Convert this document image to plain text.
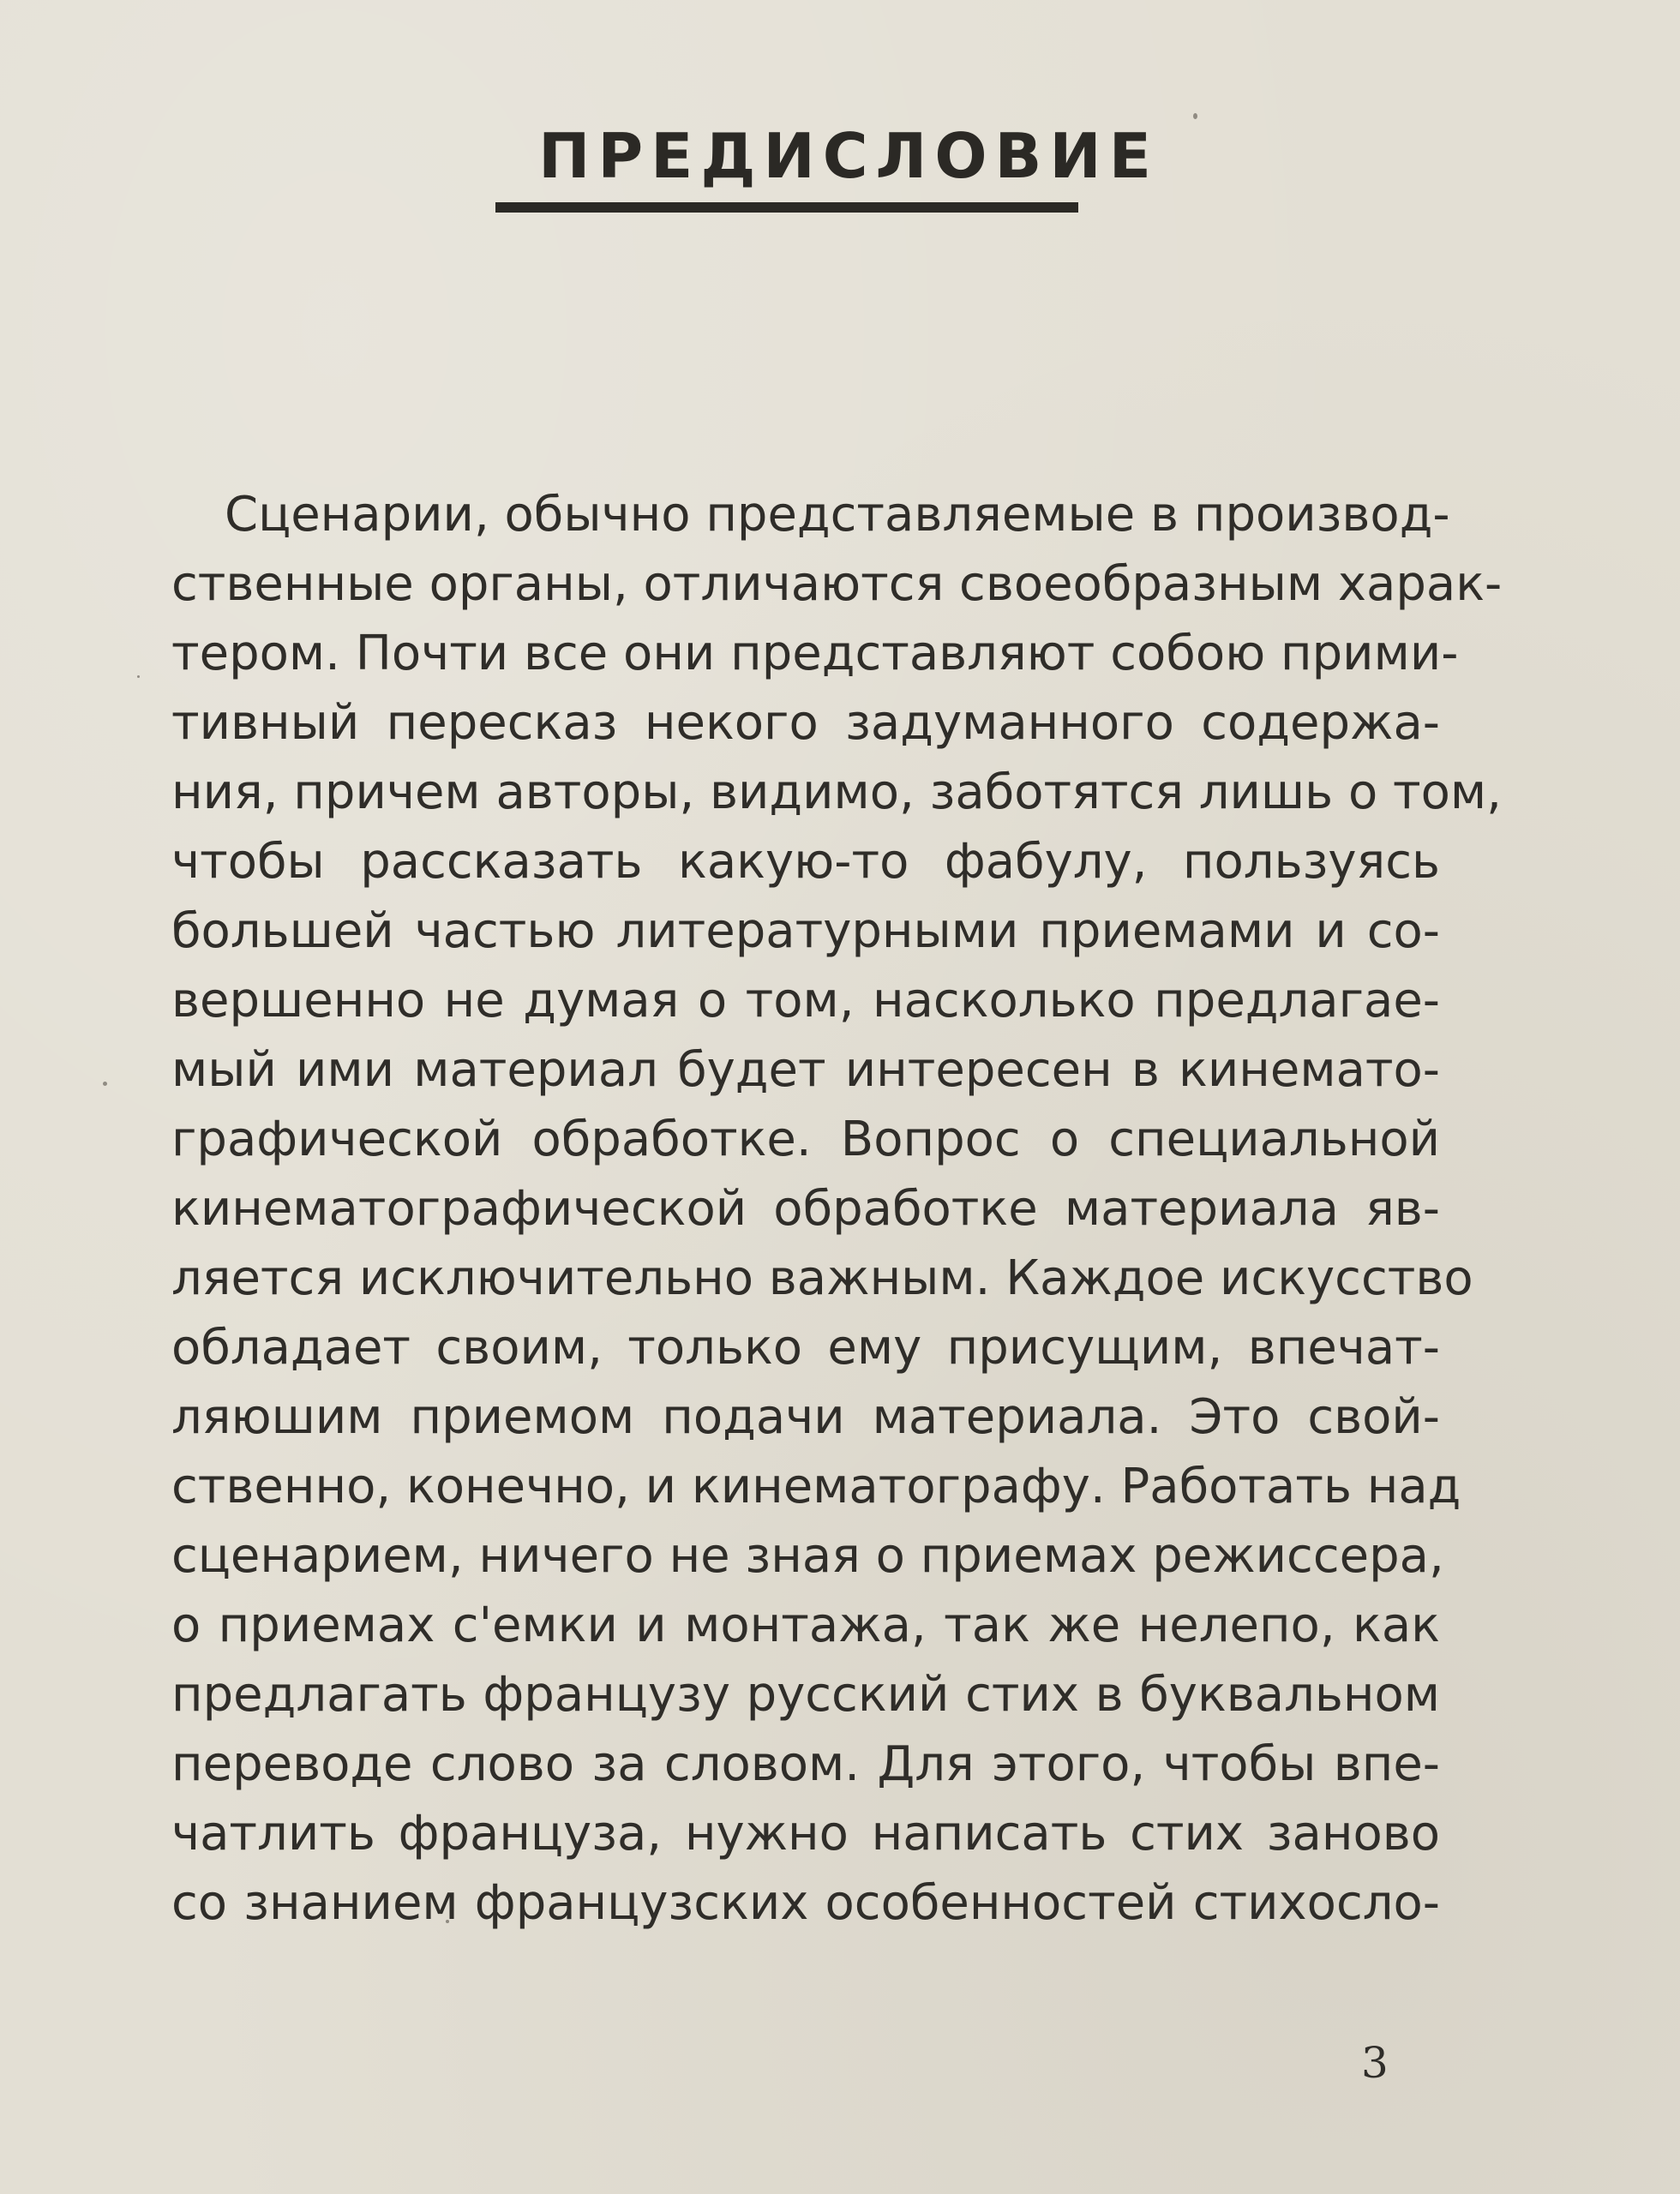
ПРЕДИСЛОВИЕ
Сценарии, обычно представляемые в производ-
ственные органы, отличаются своеобразным харак-
тером. Почти все они представляют собою прими-
тивный пересказ некого задуманного содержа-
ния, причем авторы, видимо, заботятся лишь о том,
чтобы рассказать какую-то фабулу, пользуясь
большей частью литературными приемами и со-
вершенно не думая о том, насколько предлагае-
мый ими материал будет интересен в кинемато-
графической обработке. Вопрос о специальной
кинематографической обработке материала яв-
ляется исключительно важным. Каждое искусство
обладает своим, только ему присущим, впечат-
ляюшим приемом подачи материала. Это свой-
ственно, конечно, и кинематографу. Работать над
сценарием, ничего не зная о приемах режиссера,
о приемах с'емки и монтажа, так же нелепо, как
предлагать французу русский стих в буквальном
переводе слово за словом. Для этого, чтобы впе-
чатлить француза, нужно написать стих заново
со знанием французских особенностей стихосло-
3
